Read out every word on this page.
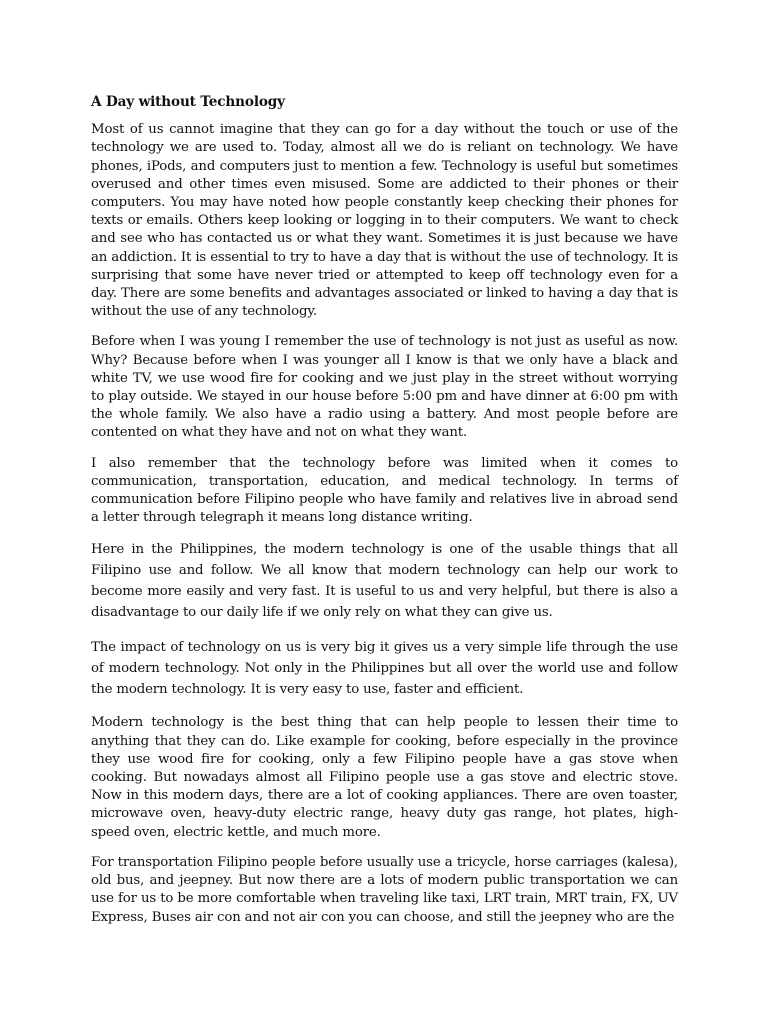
A Day without Technology

Most of us cannot imagine that they can go for a day without the touch or use of the technology we are used to. Today, almost all we do is reliant on technology. We have phones, iPods, and computers just to mention a few. Technology is useful but sometimes overused and other times even misused. Some are addicted to their phones or their computers. You may have noted how people constantly keep checking their phones for texts or emails. Others keep looking or logging in to their computers. We want to check and see who has contacted us or what they want. Sometimes it is just because we have an addiction. It is essential to try to have a day that is without the use of technology. It is surprising that some have never tried or attempted to keep off technology even for a day. There are some benefits and advantages associated or linked to having a day that is without the use of any technology.

Before when I was young I remember the use of technology is not just as useful as now. Why? Because before when I was younger all I know is that we only have a black and white TV, we use wood fire for cooking and we just play in the street without worrying to play outside. We stayed in our house before 5:00 pm and have dinner at 6:00 pm with the whole family. We also have a radio using a battery. And most people before are contented on what they have and not on what they want.

I also remember that the technology before was limited when it comes to communication, transportation, education, and medical technology. In terms of communication before Filipino people who have family and relatives live in abroad send a letter through telegraph it means long distance writing.

Here in the Philippines, the modern technology is one of the usable things that all Filipino use and follow. We all know that modern technology can help our work to become more easily and very fast. It is useful to us and very helpful, but there is also a disadvantage to our daily life if we only rely on what they can give us.

The impact of technology on us is very big it gives us a very simple life through the use of modern technology. Not only in the Philippines but all over the world use and follow the modern technology. It is very easy to use, faster and efficient.

Modern technology is the best thing that can help people to lessen their time to anything that they can do. Like example for cooking, before especially in the province they use wood fire for cooking, only a few Filipino people have a gas stove when cooking. But nowadays almost all Filipino people use a gas stove and electric stove. Now in this modern days, there are a lot of cooking appliances. There are oven toaster, microwave oven, heavy-duty electric range, heavy duty gas range, hot plates, high-speed oven, electric kettle, and much more.

For transportation Filipino people before usually use a tricycle, horse carriages (kalesa), old bus, and jeepney. But now there are a lots of modern public transportation we can use for us to be more comfortable when traveling like taxi, LRT train, MRT train, FX, UV Express, Buses air con and not air con you can choose, and still the jeepney who are the
